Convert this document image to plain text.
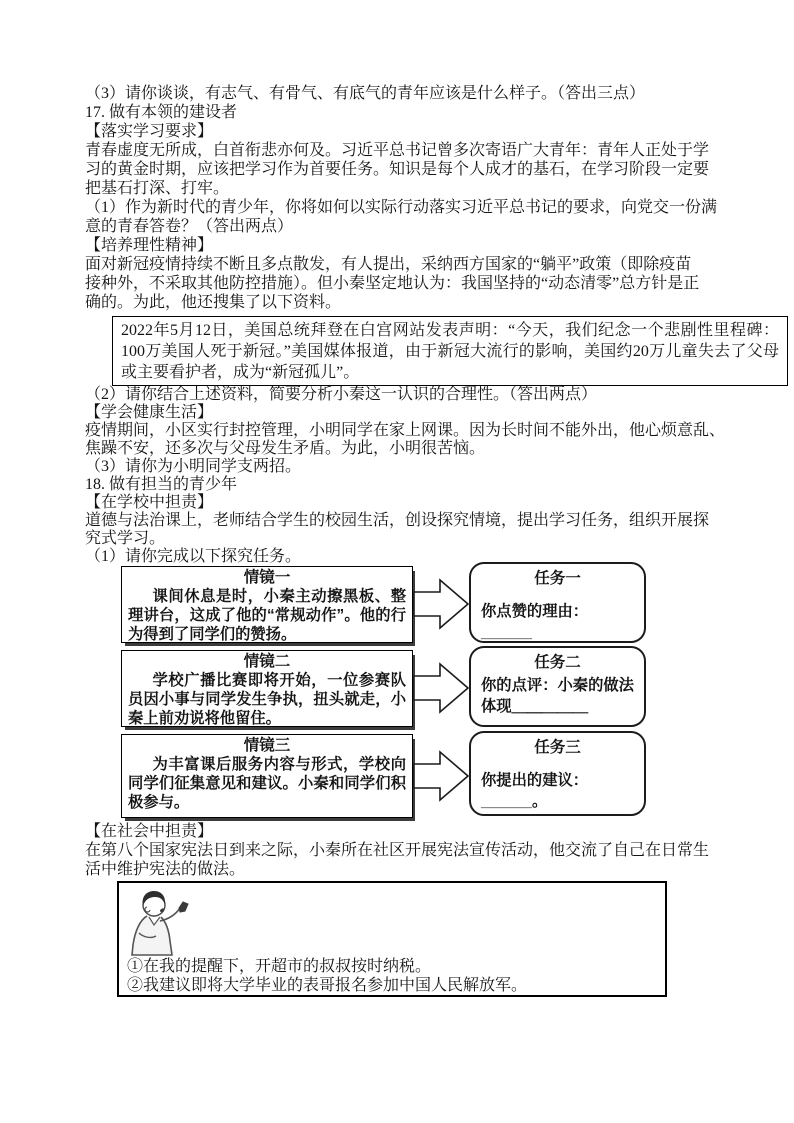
（3）请你谈谈，有志气、有骨气、有底气的青年应该是什么样子。（答出三点）
17. 做有本领的建设者
【落实学习要求】
青春虚度无所成，白首衔悲亦何及。习近平总书记曾多次寄语广大青年：青年人正处于学
习的黄金时期，应该把学习作为首要任务。知识是每个人成才的基石，在学习阶段一定要
把基石打深、打牢。
（1）作为新时代的青少年，你将如何以实际行动落实习近平总书记的要求，向党交一份满
意的青春答卷？（答出两点）
【培养理性精神】
面对新冠疫情持续不断且多点散发，有人提出，采纳西方国家的“躺平”政策（即除疫苗
接种外，不采取其他防控措施）。但小秦坚定地认为：我国坚持的“动态清零”总方针是正
确的。为此，他还搜集了以下资料。

2022年5月12日，美国总统拜登在白宫网站发表声明：“今天，我们纪念一个悲剧性里程碑：100万美国人死于新冠。”美国媒体报道，由于新冠大流行的影响，美国约20万儿童失去了父母或主要看护者，成为“新冠孤儿”。

（2）请你结合上述资料，简要分析小秦这一认识的合理性。（答出两点）
【学会健康生活】
疫情期间，小区实行封控管理，小明同学在家上网课。因为长时间不能外出，他心烦意乱、
焦躁不安，还多次与父母发生矛盾。为此，小明很苦恼。
（3）请你为小明同学支两招。
18. 做有担当的青少年
【在学校中担责】
道德与法治课上，老师结合学生的校园生活，创设探究情境，提出学习任务，组织开展探
究式学习。
（1）请你完成以下探究任务。
情镜一
课间休息是时，小秦主动擦黑板、整理讲台，这成了他的“常规动作”。他的行为得到了同学们的赞扬。
任务一
你点赞的理由：______
情镜二
学校广播比赛即将开始，一位参赛队员因小事与同学发生争执，扭头就走，小秦上前劝说将他留住。
任务二
你的点评：小秦的做法体现＿＿＿＿＿
情镜三
为丰富课后服务内容与形式，学校向同学们征集意见和建议。小秦和同学们积极参与。
任务三
你提出的建议：______。
【在社会中担责】
在第八个国家宪法日到来之际，小秦所在社区开展宪法宣传活动，他交流了自己在日常生
活中维护宪法的做法。
①在我的提醒下，开超市的叔叔按时纳税。
②我建议即将大学毕业的表哥报名参加中国人民解放军。
